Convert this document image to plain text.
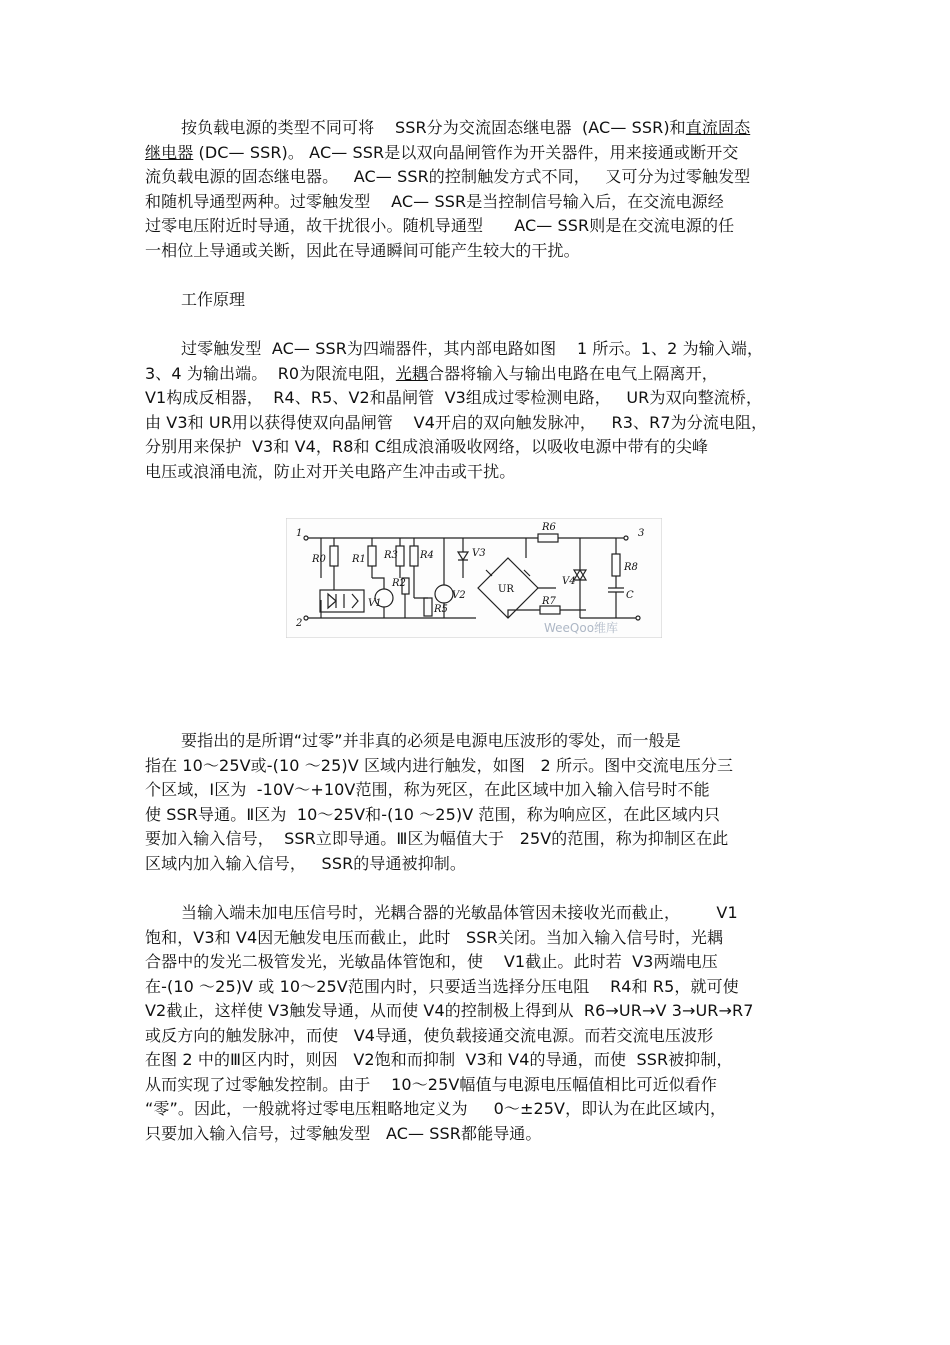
按负载电源的类型不同可将    SSR分为交流固态继电器  (AC— SSR)和直流固态
继电器 (DC— SSR)。 AC— SSR是以双向晶闸管作为开关器件，用来接通或断开交
流负载电源的固态继电器。   AC— SSR的控制触发方式不同，   又可分为过零触发型
和随机导通型两种。过零触发型    AC— SSR是当控制信号输入后，在交流电源经
过零电压附近时导通，故干扰很小。随机导通型      AC— SSR则是在交流电源的任
一相位上导通或关断，因此在导通瞬间可能产生较大的干扰。
工作原理
过零触发型  AC— SSR为四端器件，其内部电路如图    1 所示。1、2 为输入端，
3、4 为输出端。  R0为限流电阻，光耦合器将输入与输出电路在电气上隔离开，
V1构成反相器，  R4、R5、V2和晶闸管  V3组成过零检测电路，   UR为双向整流桥，
由 V3和 UR用以获得使双向晶闸管    V4开启的双向触发脉冲，   R3、R7为分流电阻，
分别用来保护  V3和 V4，R8和 C组成浪涌吸收网络，以吸收电源中带有的尖峰
电压或浪涌电流，防止对开关电路产生冲击或干扰。
1
2
3
R0	R1 R3 R4
V1
R2
V2
R5
V3
UR
V4
R6
R7
R8
C
WeeQoo维库
要指出的是所谓“过零”并非真的必须是电源电压波形的零处，而一般是
指在 10～25V或-(10 ～25)V 区域内进行触发，如图   2 所示。图中交流电压分三
个区域，Ⅰ区为  -10V～+10V范围，称为死区，在此区域中加入输入信号时不能
使 SSR导通。Ⅱ区为  10～25V和-(10 ～25)V 范围，称为响应区，在此区域内只
要加入输入信号，  SSR立即导通。Ⅲ区为幅值大于   25V的范围，称为抑制区在此
区域内加入输入信号，   SSR的导通被抑制。
当输入端未加电压信号时，光耦合器的光敏晶体管因未接收光而截止，       V1
饱和，V3和 V4因无触发电压而截止，此时   SSR关闭。当加入输入信号时，光耦
合器中的发光二极管发光，光敏晶体管饱和，使    V1截止。此时若  V3两端电压
在-(10 ～25)V 或 10～25V范围内时，只要适当选择分压电阻    R4和 R5，就可使
V2截止，这样使 V3触发导通，从而使 V4的控制极上得到从  R6→UR→V 3→UR→R7
或反方向的触发脉冲，而使   V4导通，使负载接通交流电源。而若交流电压波形
在图 2 中的Ⅲ区内时，则因   V2饱和而抑制  V3和 V4的导通，而使  SSR被抑制，
从而实现了过零触发控制。由于    10～25V幅值与电源电压幅值相比可近似看作
“零”。因此，一般就将过零电压粗略地定义为     0～±25V，即认为在此区域内，
只要加入输入信号，过零触发型   AC— SSR都能导通。
